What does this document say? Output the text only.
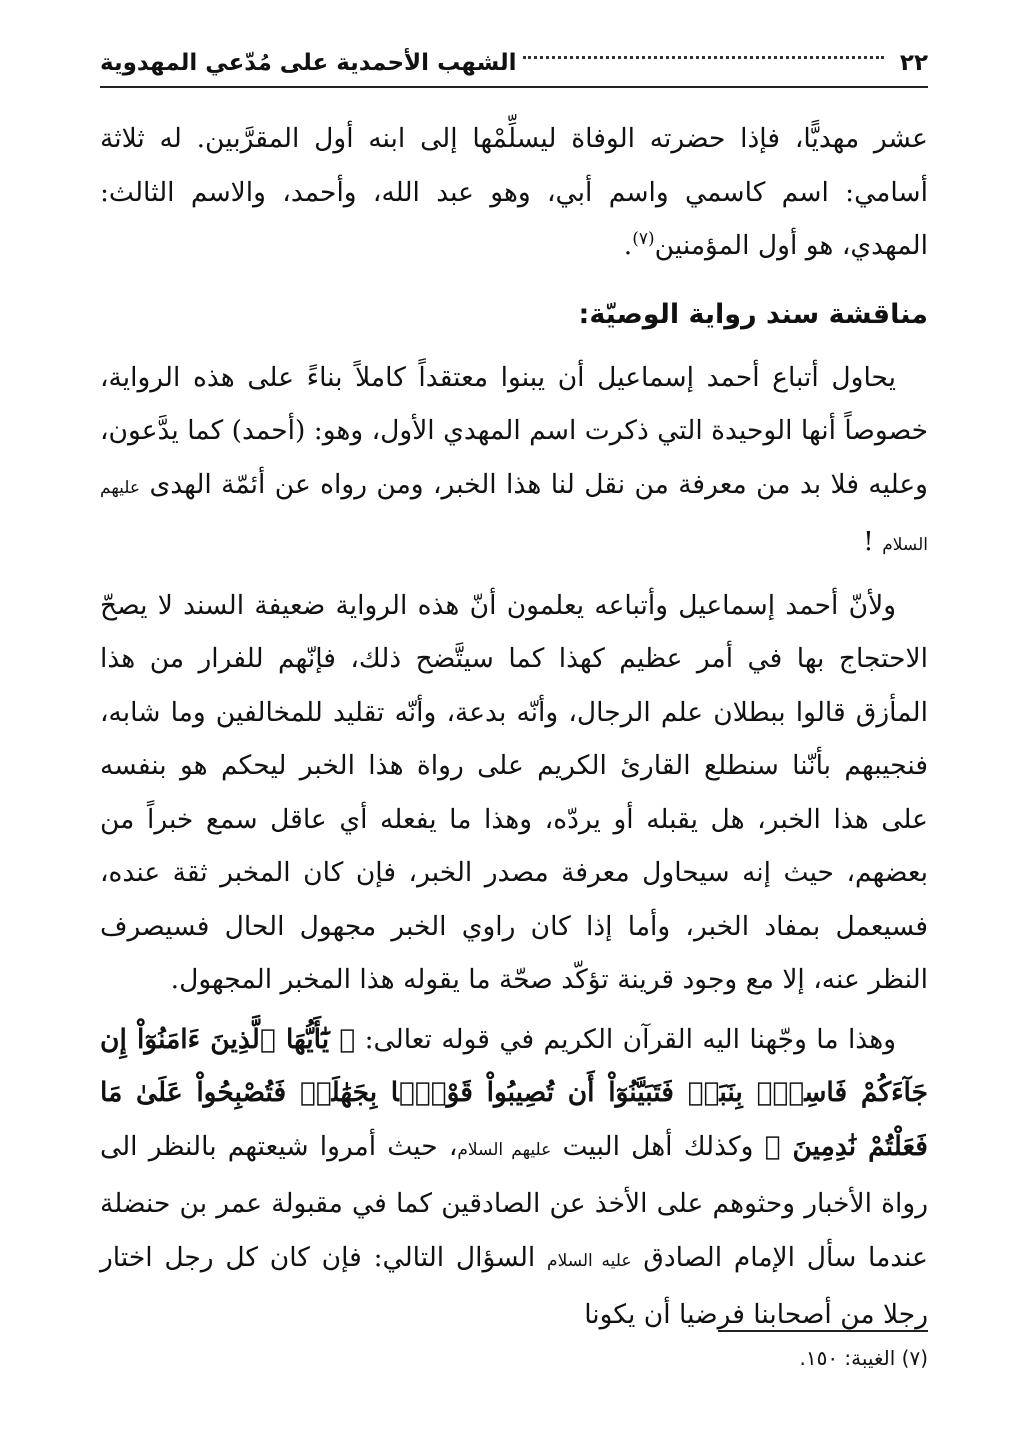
٢٢
الشهب الأحمدية على مُدّعي المهدوية

عشر مهديًّا، فإذا حضرته الوفاة ليسلِّمْها إلى ابنه أول المقرَّبين. له ثلاثة أسامي: اسم كاسمي واسم أبي، وهو عبد الله، وأحمد، والاسم الثالث: المهدي، هو أول المؤمنين$^{(٧)}$.

مناقشة سند رواية الوصيّة:

يحاول أتباع أحمد إسماعيل أن يبنوا معتقداً كاملاً بناءً على هذه الرواية، خصوصاً أنها الوحيدة التي ذكرت اسم المهدي الأول، وهو: (أحمد) كما يدَّعون، وعليه فلا بد من معرفة من نقل لنا هذا الخبر، ومن رواه عن أئمّة الهدى عليهم السلام !

ولأنّ أحمد إسماعيل وأتباعه يعلمون أنّ هذه الرواية ضعيفة السند لا يصحّ الاحتجاج بها في أمر عظيم كهذا كما سيتَّضح ذلك، فإنّهم للفرار من هذا المأزق قالوا ببطلان علم الرجال، وأنّه بدعة، وأنّه تقليد للمخالفين وما شابه، فنجيبهم بأنّنا سنطلع القارئ الكريم على رواة هذا الخبر ليحكم هو بنفسه على هذا الخبر، هل يقبله أو يردّه، وهذا ما يفعله أي عاقل سمع خبراً من بعضهم، حيث إنه سيحاول معرفة مصدر الخبر، فإن كان المخبر ثقة عنده، فسيعمل بمفاد الخبر، وأما إذا كان راوي الخبر مجهول الحال فسيصرف النظر عنه، إلا مع وجود قرينة تؤكّد صحّة ما يقوله هذا المخبر المجهول.

وهذا ما وجّهنا اليه القرآن الكريم في قوله تعالى: ﴿ يَٰٓأَيُّهَا ٱلَّذِينَ ءَامَنُوٓاْ إِن جَآءَكُمْ فَاسِقُۢ بِنَبَإٖ فَتَبَيَّنُوٓاْ أَن تُصِيبُواْ قَوْمَۢا بِجَهَٰلَةٖ فَتُصْبِحُواْ عَلَىٰ مَا فَعَلْتُمْ نَٰدِمِينَ ﴾ وكذلك أهل البيت عليهم السلام، حيث أمروا شيعتهم بالنظر الى رواة الأخبار وحثوهم على الأخذ عن الصادقين كما في مقبولة عمر بن حنضلة عندما سأل الإمام الصادق عليه السلام السؤال التالي: فإن كان كل رجل اختار رجلا من أصحابنا فرضيا أن يكونا

(٧) الغيبة: ١٥٠.
